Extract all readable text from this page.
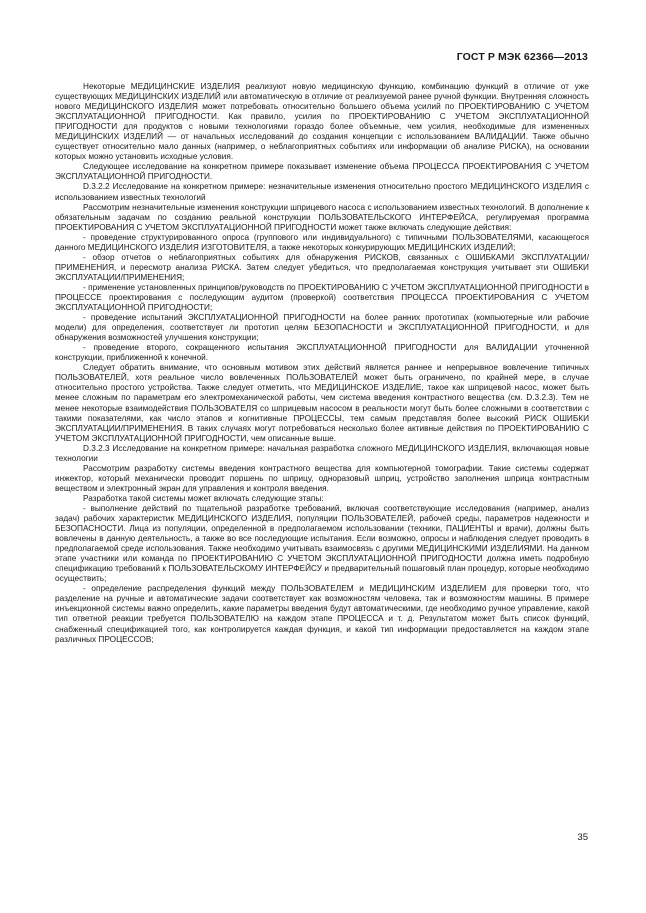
ГОСТ Р МЭК 62366—2013

Некоторые МЕДИЦИНСКИЕ ИЗДЕЛИЯ реализуют новую медицинскую функцию, комбинацию функций в отличие от уже существующих МЕДИЦИНСКИХ ИЗДЕЛИЙ или автоматическую в отличие от реализуемой ранее ручной функции. Внутренняя сложность нового МЕДИЦИНСКОГО ИЗДЕЛИЯ может потребовать относительно большего объема усилий по ПРОЕКТИРОВАНИЮ С УЧЕТОМ ЭКСПЛУАТАЦИОННОЙ ПРИГОДНОСТИ. Как правило, усилия по ПРОЕКТИРОВАНИЮ С УЧЕТОМ ЭКСПЛУАТАЦИОННОЙ ПРИГОДНОСТИ для продуктов с новыми технологиями гораздо более объемные, чем усилия, необходимые для измененных МЕДИЦИНСКИХ ИЗДЕЛИЙ — от начальных исследований до создания концепции с использованием ВАЛИДАЦИИ. Также обычно существует относительно мало данных (например, о неблагоприятных событиях или информации об анализе РИСКА), на основании которых можно установить исходные условия.

Следующее исследование на конкретном примере показывает изменение объема ПРОЦЕССА ПРОЕКТИРОВАНИЯ С УЧЕТОМ ЭКСПЛУАТАЦИОННОЙ ПРИГОДНОСТИ.

D.3.2.2 Исследование на конкретном примере: незначительные изменения относительно простого МЕДИЦИНСКОГО ИЗДЕЛИЯ с использованием известных технологий

Рассмотрим незначительные изменения конструкции шприцевого насоса с использованием известных технологий. В дополнение к обязательным задачам по созданию реальной конструкции ПОЛЬЗОВАТЕЛЬСКОГО ИНТЕРФЕЙСА, регулируемая программа ПРОЕКТИРОВАНИЯ С УЧЕТОМ ЭКСПЛУАТАЦИОННОЙ ПРИГОДНОСТИ может также включать следующие действия:

- проведение структурированного опроса (группового или индивидуального) с типичными ПОЛЬЗОВАТЕЛЯМИ, касающегося данного МЕДИЦИНСКОГО ИЗДЕЛИЯ ИЗГОТОВИТЕЛЯ, а также некоторых конкурирующих МЕДИЦИНСКИХ ИЗДЕЛИЙ;

- обзор отчетов о неблагоприятных событиях для обнаружения РИСКОВ, связанных с ОШИБКАМИ ЭКСПЛУАТАЦИИ/ПРИМЕНЕНИЯ, и пересмотр анализа РИСКА. Затем следует убедиться, что предполагаемая конструкция учитывает эти ОШИБКИ ЭКСПЛУАТАЦИИ/ПРИМЕНЕНИЯ;

- применение установленных принципов/руководств по ПРОЕКТИРОВАНИЮ С УЧЕТОМ ЭКСПЛУАТАЦИОННОЙ ПРИГОДНОСТИ в ПРОЦЕССЕ проектирования с последующим аудитом (проверкой) соответствия ПРОЦЕССА ПРОЕКТИРОВАНИЯ С УЧЕТОМ ЭКСПЛУАТАЦИОННОЙ ПРИГОДНОСТИ;

- проведение испытаний ЭКСПЛУАТАЦИОННОЙ ПРИГОДНОСТИ на более ранних прототипах (компьютерные или рабочие модели) для определения, соответствует ли прототип целям БЕЗОПАСНОСТИ и ЭКСПЛУАТАЦИОННОЙ ПРИГОДНОСТИ, и для обнаружения возможностей улучшения конструкции;

- проведение второго, сокращенного испытания ЭКСПЛУАТАЦИОННОЙ ПРИГОДНОСТИ для ВАЛИДАЦИИ уточненной конструкции, приближенной к конечной.

Следует обратить внимание, что основным мотивом этих действий является раннее и непрерывное вовлечение типичных ПОЛЬЗОВАТЕЛЕЙ, хотя реальное число вовлеченных ПОЛЬЗОВАТЕЛЕЙ может быть ограничено, по крайней мере, в случае относительно простого устройства. Также следует отметить, что МЕДИЦИНСКОЕ ИЗДЕЛИЕ, такое как шприцевой насос, может быть менее сложным по параметрам его электромеханической работы, чем система введения контрастного вещества (см. D.3.2.3). Тем не менее некоторые взаимодействия ПОЛЬЗОВАТЕЛЯ со шприцевым насосом в реальности могут быть более сложными в соответствии с такими показателями, как число этапов и когнитивные ПРОЦЕССЫ, тем самым представляя более высокий РИСК ОШИБКИ ЭКСПЛУАТАЦИИ/ПРИМЕНЕНИЯ. В таких случаях могут потребоваться несколько более активные действия по ПРОЕКТИРОВАНИЮ С УЧЕТОМ ЭКСПЛУАТАЦИОННОЙ ПРИГОДНОСТИ, чем описанные выше.

D.3.2.3 Исследование на конкретном примере: начальная разработка сложного МЕДИЦИНСКОГО ИЗДЕЛИЯ, включающая новые технологии

Рассмотрим разработку системы введения контрастного вещества для компьютерной томографии. Такие системы содержат инжектор, который механически проводит поршень по шприцу, одноразовый шприц, устройство заполнения шприца контрастным веществом и электронный экран для управления и контроля введения.

Разработка такой системы может включать следующие этапы:

- выполнение действий по тщательной разработке требований, включая соответствующие исследования (например, анализ задач) рабочих характеристик МЕДИЦИНСКОГО ИЗДЕЛИЯ, популяции ПОЛЬЗОВАТЕЛЕЙ, рабочей среды, параметров надежности и БЕЗОПАСНОСТИ. Лица из популяции, определенной в предполагаемом использовании (техники, ПАЦИЕНТЫ и врачи), должны быть вовлечены в данную деятельность, а также во все последующие испытания. Если возможно, опросы и наблюдения следует проводить в предполагаемой среде использования. Также необходимо учитывать взаимосвязь с другими МЕДИЦИНСКИМИ ИЗДЕЛИЯМИ. На данном этапе участники или команда по ПРОЕКТИРОВАНИЮ С УЧЕТОМ ЭКСПЛУАТАЦИОННОЙ ПРИГОДНОСТИ должна иметь подробную спецификацию требований к ПОЛЬЗОВАТЕЛЬСКОМУ ИНТЕРФЕЙСУ и предварительный пошаговый план процедур, которые необходимо осуществить;

- определение распределения функций между ПОЛЬЗОВАТЕЛЕМ и МЕДИЦИНСКИМ ИЗДЕЛИЕМ для проверки того, что разделение на ручные и автоматические задачи соответствует как возможностям человека, так и возможностям машины. В примере инъекционной системы важно определить, какие параметры введения будут автоматическими, где необходимо ручное управление, какой тип ответной реакции требуется ПОЛЬЗОВАТЕЛЮ на каждом этапе ПРОЦЕССА и т. д. Результатом может быть список функций, снабженный спецификацией того, как контролируется каждая функция, и какой тип информации предоставляется на каждом этапе различных ПРОЦЕССОВ;

35
